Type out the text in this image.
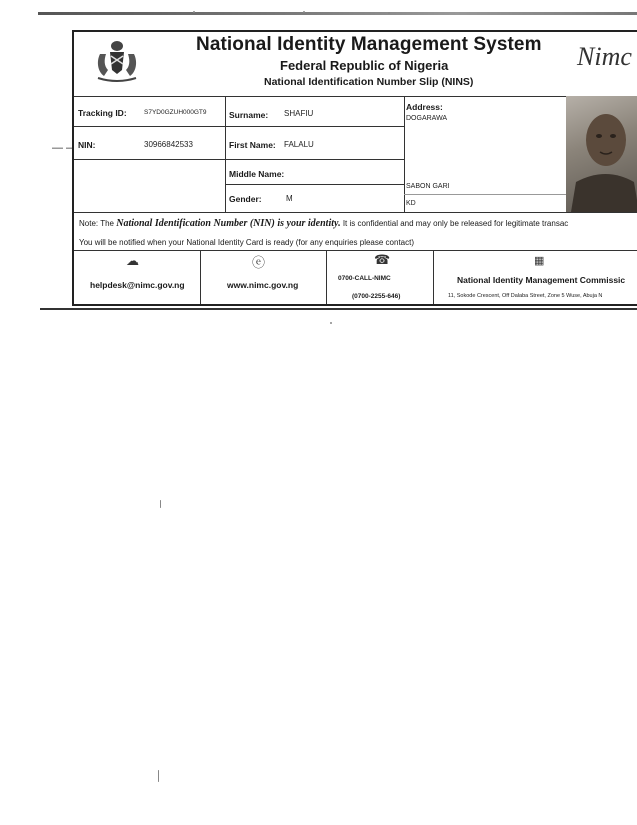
— –
National Identity Management System
Federal Republic of Nigeria
National Identification Number Slip (NINS)
Nimc
Tracking ID:	S7YD0GZUH000GT9
NIN:	30966842533
Surname: SHAFIU
First Name: FALALU
Middle Name:
Gender:	M
Address:
DOGARAWA
SABON GARI
KD
Note: The National Identification Number (NIN) is your identity. It is confidential and may only be released for legitimate transac
You will be notified when your National Identity Card is ready (for any enquiries please contact)
☁
helpdesk@nimc.gov.ng
ⓔ
www.nimc.gov.ng
☎
0700-CALL-NIMC
(0700-2255-646)
▦
National Identity Management Commissic
11, Sokode Crescent, Off Dalaba Street, Zone 5 Wuse, Abuja N
